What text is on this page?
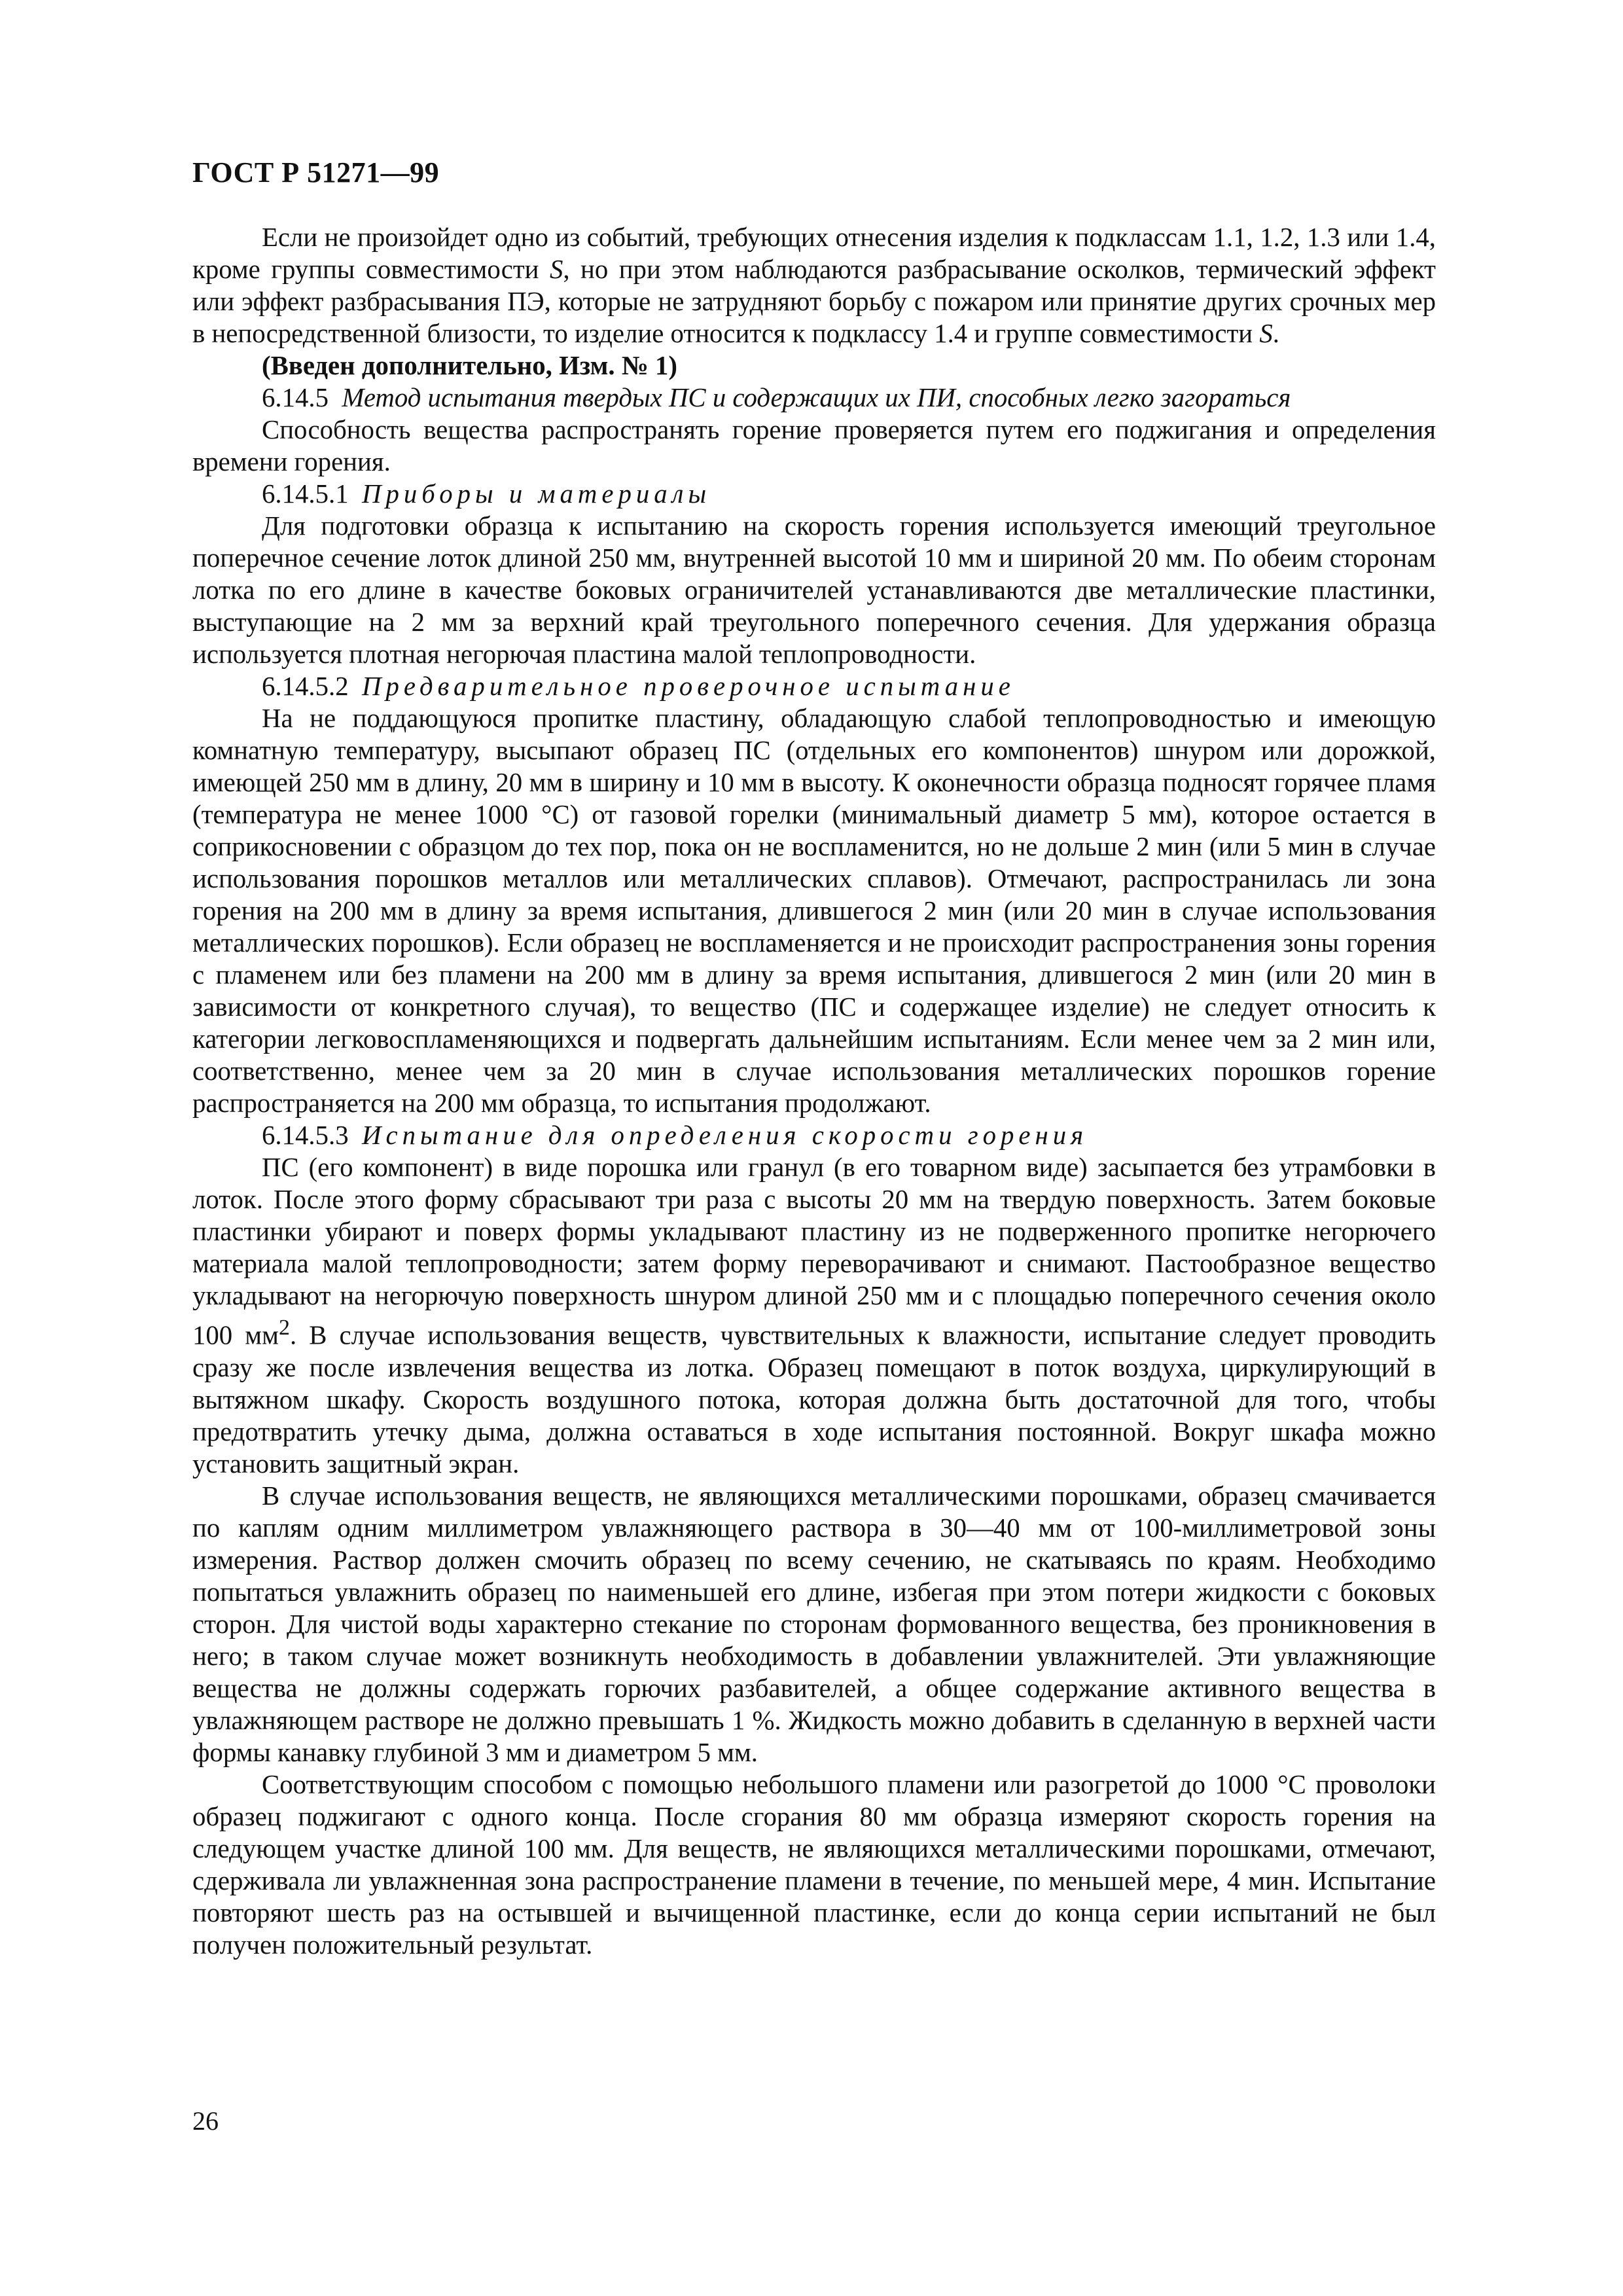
ГОСТ Р 51271—99

Если не произойдет одно из событий, требующих отнесения изделия к подклассам 1.1, 1.2, 1.3 или 1.4, кроме группы совместимости S, но при этом наблюдаются разбрасывание осколков, термический эффект или эффект разбрасывания ПЭ, которые не затрудняют борьбу с пожаром или принятие других срочных мер в непосредственной близости, то изделие относится к подклассу 1.4 и группе совместимости S.

(Введен дополнительно, Изм. № 1)

6.14.5 Метод испытания твердых ПС и содержащих их ПИ, способных легко загораться

Способность вещества распространять горение проверяется путем его поджигания и определения времени горения.

6.14.5.1 Приборы и материалы

Для подготовки образца к испытанию на скорость горения используется имеющий треугольное поперечное сечение лоток длиной 250 мм, внутренней высотой 10 мм и шириной 20 мм. По обеим сторонам лотка по его длине в качестве боковых ограничителей устанавливаются две металлические пластинки, выступающие на 2 мм за верхний край треугольного поперечного сечения. Для удержания образца используется плотная негорючая пластина малой теплопроводности.

6.14.5.2 Предварительное проверочное испытание

На не поддающуюся пропитке пластину, обладающую слабой теплопроводностью и имеющую комнатную температуру, высыпают образец ПС (отдельных его компонентов) шнуром или дорожкой, имеющей 250 мм в длину, 20 мм в ширину и 10 мм в высоту. К оконечности образца подносят горячее пламя (температура не менее 1000 °С) от газовой горелки (минимальный диаметр 5 мм), которое остается в соприкосновении с образцом до тех пор, пока он не воспламенится, но не дольше 2 мин (или 5 мин в случае использования порошков металлов или металлических сплавов). Отмечают, распространилась ли зона горения на 200 мм в длину за время испытания, длившегося 2 мин (или 20 мин в случае использования металлических порошков). Если образец не воспламеняется и не происходит распространения зоны горения с пламенем или без пламени на 200 мм в длину за время испытания, длившегося 2 мин (или 20 мин в зависимости от конкретного случая), то вещество (ПС и содержащее изделие) не следует относить к категории легковоспламеняющихся и подвергать дальнейшим испытаниям. Если менее чем за 2 мин или, соответственно, менее чем за 20 мин в случае использования металлических порошков горение распространяется на 200 мм образца, то испытания продолжают.

6.14.5.3 Испытание для определения скорости горения

ПС (его компонент) в виде порошка или гранул (в его товарном виде) засыпается без утрамбовки в лоток. После этого форму сбрасывают три раза с высоты 20 мм на твердую поверхность. Затем боковые пластинки убирают и поверх формы укладывают пластину из не подверженного пропитке негорючего материала малой теплопроводности; затем форму переворачивают и снимают. Пастообразное вещество укладывают на негорючую поверхность шнуром длиной 250 мм и с площадью поперечного сечения около 100 $мм^2$. В случае использования веществ, чувствительных к влажности, испытание следует проводить сразу же после извлечения вещества из лотка. Образец помещают в поток воздуха, циркулирующий в вытяжном шкафу. Скорость воздушного потока, которая должна быть достаточной для того, чтобы предотвратить утечку дыма, должна оставаться в ходе испытания постоянной. Вокруг шкафа можно установить защитный экран.

В случае использования веществ, не являющихся металлическими порошками, образец смачивается по каплям одним миллиметром увлажняющего раствора в 30—40 мм от 100-миллиметровой зоны измерения. Раствор должен смочить образец по всему сечению, не скатываясь по краям. Необходимо попытаться увлажнить образец по наименьшей его длине, избегая при этом потери жидкости с боковых сторон. Для чистой воды характерно стекание по сторонам формованного вещества, без проникновения в него; в таком случае может возникнуть необходимость в добавлении увлажнителей. Эти увлажняющие вещества не должны содержать горючих разбавителей, а общее содержание активного вещества в увлажняющем растворе не должно превышать 1 %. Жидкость можно добавить в сделанную в верхней части формы канавку глубиной 3 мм и диаметром 5 мм.

Соответствующим способом с помощью небольшого пламени или разогретой до 1000 °С проволоки образец поджигают с одного конца. После сгорания 80 мм образца измеряют скорость горения на следующем участке длиной 100 мм. Для веществ, не являющихся металлическими порошками, отмечают, сдерживала ли увлажненная зона распространение пламени в течение, по меньшей мере, 4 мин. Испытание повторяют шесть раз на остывшей и вычищенной пластинке, если до конца серии испытаний не был получен положительный результат.

26
